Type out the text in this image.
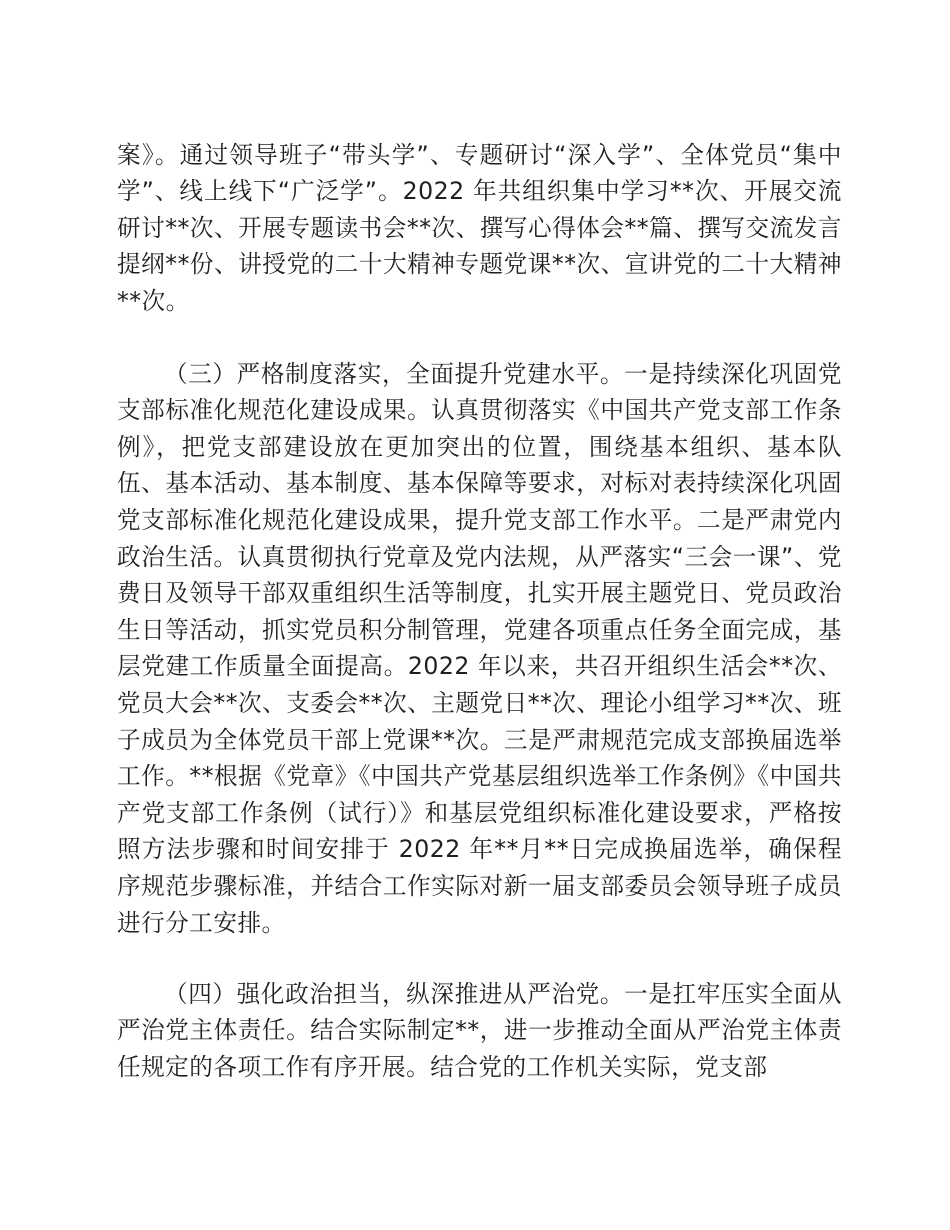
案》。通过领导班子“带头学”、专题研讨“深入学”、全体党员“集中学”、线上线下“广泛学”。2022 年共组织集中学习**次、开展交流研讨**次、开展专题读书会**次、撰写心得体会**篇、撰写交流发言提纲**份、讲授党的二十大精神专题党课**次、宣讲党的二十大精神**次。

（三）严格制度落实，全面提升党建水平。一是持续深化巩固党支部标准化规范化建设成果。认真贯彻落实《中国共产党支部工作条例》，把党支部建设放在更加突出的位置，围绕基本组织、基本队伍、基本活动、基本制度、基本保障等要求，对标对表持续深化巩固党支部标准化规范化建设成果，提升党支部工作水平。二是严肃党内政治生活。认真贯彻执行党章及党内法规，从严落实“三会一课”、党费日及领导干部双重组织生活等制度，扎实开展主题党日、党员政治生日等活动，抓实党员积分制管理，党建各项重点任务全面完成，基层党建工作质量全面提高。2022 年以来，共召开组织生活会**次、党员大会**次、支委会**次、主题党日**次、理论小组学习**次、班子成员为全体党员干部上党课**次。三是严肃规范完成支部换届选举工作。**根据《党章》《中国共产党基层组织选举工作条例》《中国共产党支部工作条例（试行）》和基层党组织标准化建设要求，严格按照方法步骤和时间安排于 2022 年**月**日完成换届选举，确保程序规范步骤标准，并结合工作实际对新一届支部委员会领导班子成员进行分工安排。

（四）强化政治担当，纵深推进从严治党。一是扛牢压实全面从严治党主体责任。结合实际制定**，进一步推动全面从严治党主体责任规定的各项工作有序开展。结合党的工作机关实际，党支部
